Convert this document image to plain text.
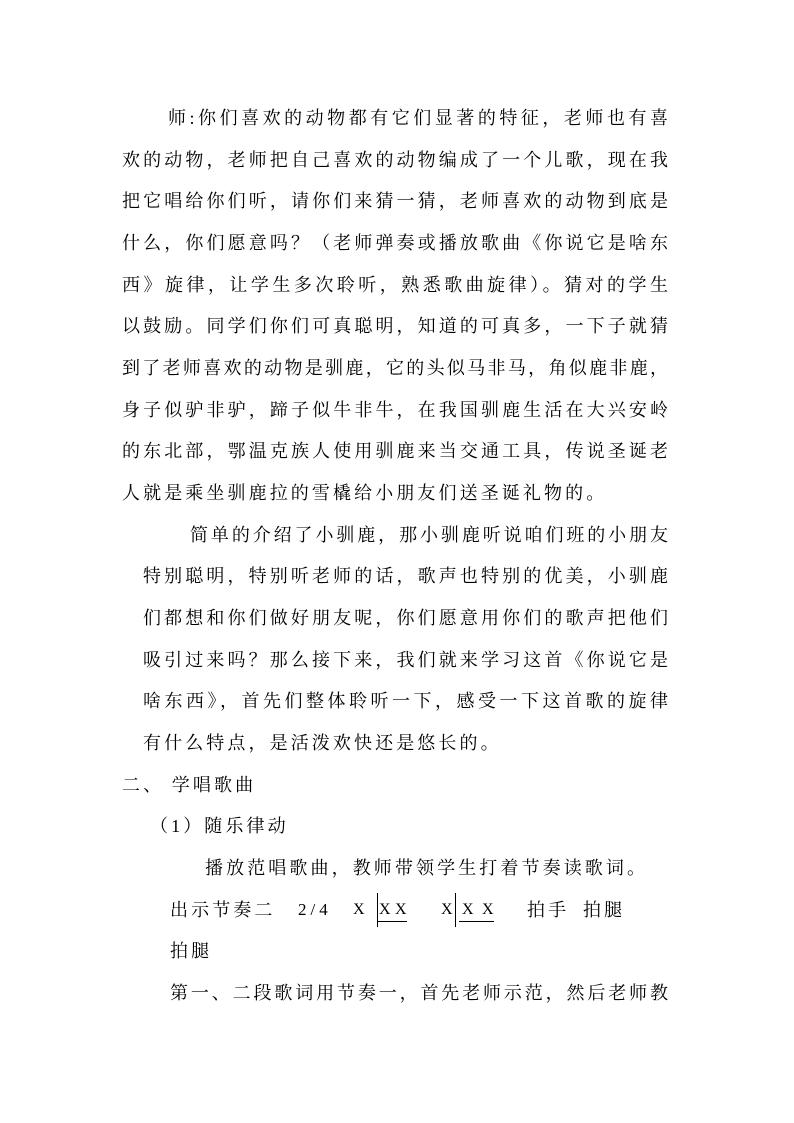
师:你们喜欢的动物都有它们显著的特征，老师也有喜
欢的动物，老师把自己喜欢的动物编成了一个儿歌，现在我
把它唱给你们听，请你们来猜一猜，老师喜欢的动物到底是
什么，你们愿意吗？（老师弹奏或播放歌曲《你说它是啥东
西》旋律，让学生多次聆听，熟悉歌曲旋律）。猜对的学生
以鼓励。同学们你们可真聪明，知道的可真多，一下子就猜
到了老师喜欢的动物是驯鹿，它的头似马非马，角似鹿非鹿，
身子似驴非驴，蹄子似牛非牛，在我国驯鹿生活在大兴安岭
的东北部，鄂温克族人使用驯鹿来当交通工具，传说圣诞老
人就是乘坐驯鹿拉的雪橇给小朋友们送圣诞礼物的。
简单的介绍了小驯鹿，那小驯鹿听说咱们班的小朋友
特别聪明，特别听老师的话，歌声也特别的优美，小驯鹿
们都想和你们做好朋友呢，你们愿意用你们的歌声把他们
吸引过来吗？那么接下来，我们就来学习这首《你说它是
啥东西》，首先们整体聆听一下，感受一下这首歌的旋律
有什么特点，是活泼欢快还是悠长的。
二、 学唱歌曲
（1）随乐律动
播放范唱歌曲，教师带领学生打着节奏读歌词。
出示节奏二 2/4 X X X X X X 拍手 拍腿
拍腿
第一、二段歌词用节奏一，首先老师示范，然后老师教
